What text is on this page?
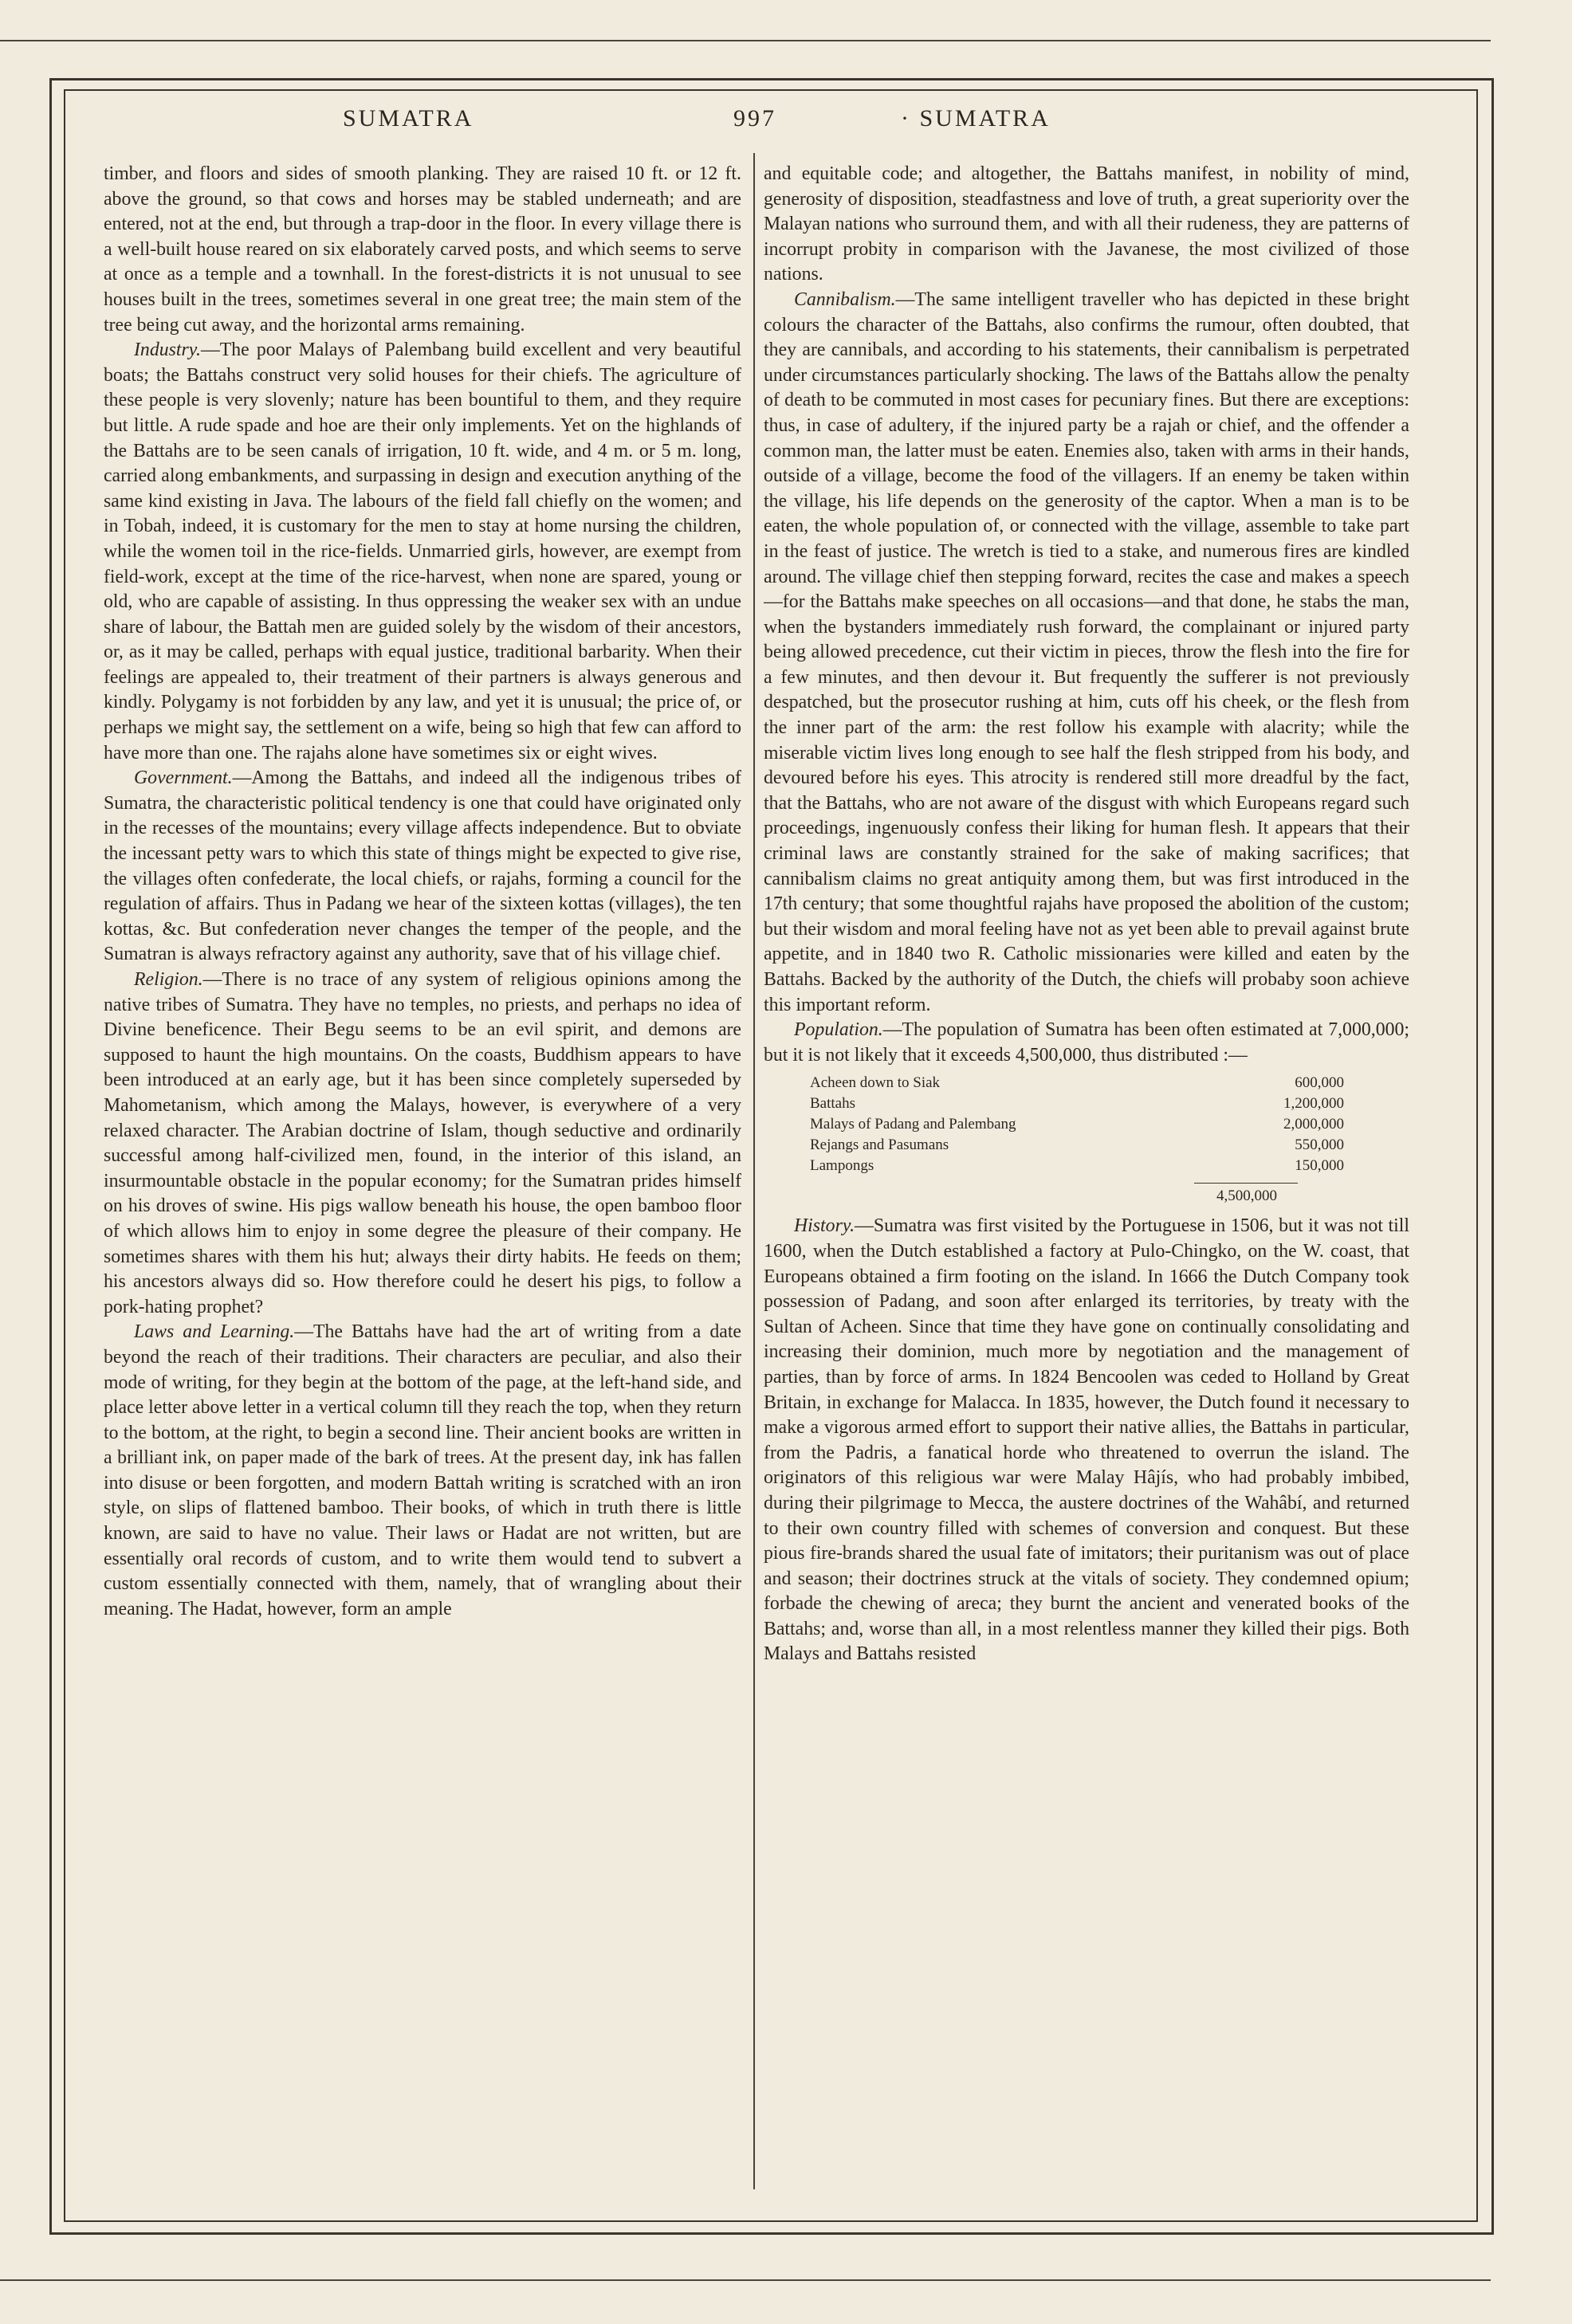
SUMATRA	997	· SUMATRA

timber, and floors and sides of smooth planking. They are raised 10 ft. or 12 ft. above the ground, so that cows and horses may be stabled underneath; and are entered, not at the end, but through a trap-door in the floor. In every village there is a well-built house reared on six elaborately carved posts, and which seems to serve at once as a temple and a townhall. In the forest-districts it is not unusual to see houses built in the trees, sometimes several in one great tree; the main stem of the tree being cut away, and the horizontal arms remaining.

Industry.—The poor Malays of Palembang build excellent and very beautiful boats; the Battahs construct very solid houses for their chiefs. The agriculture of these people is very slovenly; nature has been bountiful to them, and they require but little. A rude spade and hoe are their only implements. Yet on the highlands of the Battahs are to be seen canals of irrigation, 10 ft. wide, and 4 m. or 5 m. long, carried along embankments, and surpassing in design and execution anything of the same kind existing in Java. The labours of the field fall chiefly on the women; and in Tobah, indeed, it is customary for the men to stay at home nursing the children, while the women toil in the rice-fields. Unmarried girls, however, are exempt from field-work, except at the time of the rice-harvest, when none are spared, young or old, who are capable of assisting. In thus oppressing the weaker sex with an undue share of labour, the Battah men are guided solely by the wisdom of their ancestors, or, as it may be called, perhaps with equal justice, traditional barbarity. When their feelings are appealed to, their treatment of their partners is always generous and kindly. Polygamy is not forbidden by any law, and yet it is unusual; the price of, or perhaps we might say, the settlement on a wife, being so high that few can afford to have more than one. The rajahs alone have sometimes six or eight wives.

Government.—Among the Battahs, and indeed all the indigenous tribes of Sumatra, the characteristic political tendency is one that could have originated only in the recesses of the mountains; every village affects independence. But to obviate the incessant petty wars to which this state of things might be expected to give rise, the villages often confederate, the local chiefs, or rajahs, forming a council for the regulation of affairs. Thus in Padang we hear of the sixteen kottas (villages), the ten kottas, &c. But confederation never changes the temper of the people, and the Sumatran is always refractory against any authority, save that of his village chief.

Religion.—There is no trace of any system of religious opinions among the native tribes of Sumatra. They have no temples, no priests, and perhaps no idea of Divine beneficence. Their Begu seems to be an evil spirit, and demons are supposed to haunt the high mountains. On the coasts, Buddhism appears to have been introduced at an early age, but it has been since completely superseded by Mahometanism, which among the Malays, however, is everywhere of a very relaxed character. The Arabian doctrine of Islam, though seductive and ordinarily successful among half-civilized men, found, in the interior of this island, an insurmountable obstacle in the popular economy; for the Sumatran prides himself on his droves of swine. His pigs wallow beneath his house, the open bamboo floor of which allows him to enjoy in some degree the pleasure of their company. He sometimes shares with them his hut; always their dirty habits. He feeds on them; his ancestors always did so. How therefore could he desert his pigs, to follow a pork-hating prophet?

Laws and Learning.—The Battahs have had the art of writing from a date beyond the reach of their traditions. Their characters are peculiar, and also their mode of writing, for they begin at the bottom of the page, at the left-hand side, and place letter above letter in a vertical column till they reach the top, when they return to the bottom, at the right, to begin a second line. Their ancient books are written in a brilliant ink, on paper made of the bark of trees. At the present day, ink has fallen into disuse or been forgotten, and modern Battah writing is scratched with an iron style, on slips of flattened bamboo. Their books, of which in truth there is little known, are said to have no value. Their laws or Hadat are not written, but are essentially oral records of custom, and to write them would tend to subvert a custom essentially connected with them, namely, that of wrangling about their meaning. The Hadat, however, form an ample

and equitable code; and altogether, the Battahs manifest, in nobility of mind, generosity of disposition, steadfastness and love of truth, a great superiority over the Malayan nations who surround them, and with all their rudeness, they are patterns of incorrupt probity in comparison with the Javanese, the most civilized of those nations.

Cannibalism.—The same intelligent traveller who has depicted in these bright colours the character of the Battahs, also confirms the rumour, often doubted, that they are cannibals, and according to his statements, their cannibalism is perpetrated under circumstances particularly shocking. The laws of the Battahs allow the penalty of death to be commuted in most cases for pecuniary fines. But there are exceptions: thus, in case of adultery, if the injured party be a rajah or chief, and the offender a common man, the latter must be eaten. Enemies also, taken with arms in their hands, outside of a village, become the food of the villagers. If an enemy be taken within the village, his life depends on the generosity of the captor. When a man is to be eaten, the whole population of, or connected with the village, assemble to take part in the feast of justice. The wretch is tied to a stake, and numerous fires are kindled around. The village chief then stepping forward, recites the case and makes a speech—for the Battahs make speeches on all occasions—and that done, he stabs the man, when the bystanders immediately rush forward, the complainant or injured party being allowed precedence, cut their victim in pieces, throw the flesh into the fire for a few minutes, and then devour it. But frequently the sufferer is not previously despatched, but the prosecutor rushing at him, cuts off his cheek, or the flesh from the inner part of the arm: the rest follow his example with alacrity; while the miserable victim lives long enough to see half the flesh stripped from his body, and devoured before his eyes. This atrocity is rendered still more dreadful by the fact, that the Battahs, who are not aware of the disgust with which Europeans regard such proceedings, ingenuously confess their liking for human flesh. It appears that their criminal laws are constantly strained for the sake of making sacrifices; that cannibalism claims no great antiquity among them, but was first introduced in the 17th century; that some thoughtful rajahs have proposed the abolition of the custom; but their wisdom and moral feeling have not as yet been able to prevail against brute appetite, and in 1840 two R. Catholic missionaries were killed and eaten by the Battahs. Backed by the authority of the Dutch, the chiefs will probaby soon achieve this important reform.

Population.—The population of Sumatra has been often estimated at 7,000,000; but it is not likely that it exceeds 4,500,000, thus distributed :—

Acheen down to Siak	600,000
Battahs	1,200,000
Malays of Padang and Palembang	2,000,000
Rejangs and Pasumans	550,000
Lampongs	150,000
4,500,000

History.—Sumatra was first visited by the Portuguese in 1506, but it was not till 1600, when the Dutch established a factory at Pulo-Chingko, on the W. coast, that Europeans obtained a firm footing on the island. In 1666 the Dutch Company took possession of Padang, and soon after enlarged its territories, by treaty with the Sultan of Acheen. Since that time they have gone on continually consolidating and increasing their dominion, much more by negotiation and the management of parties, than by force of arms. In 1824 Bencoolen was ceded to Holland by Great Britain, in exchange for Malacca. In 1835, however, the Dutch found it necessary to make a vigorous armed effort to support their native allies, the Battahs in particular, from the Padris, a fanatical horde who threatened to overrun the island. The originators of this religious war were Malay Hâjís, who had probably imbibed, during their pilgrimage to Mecca, the austere doctrines of the Wahâbí, and returned to their own country filled with schemes of conversion and conquest. But these pious fire-brands shared the usual fate of imitators; their puritanism was out of place and season; their doctrines struck at the vitals of society. They condemned opium; forbade the chewing of areca; they burnt the ancient and venerated books of the Battahs; and, worse than all, in a most relentless manner they killed their pigs. Both Malays and Battahs resisted
